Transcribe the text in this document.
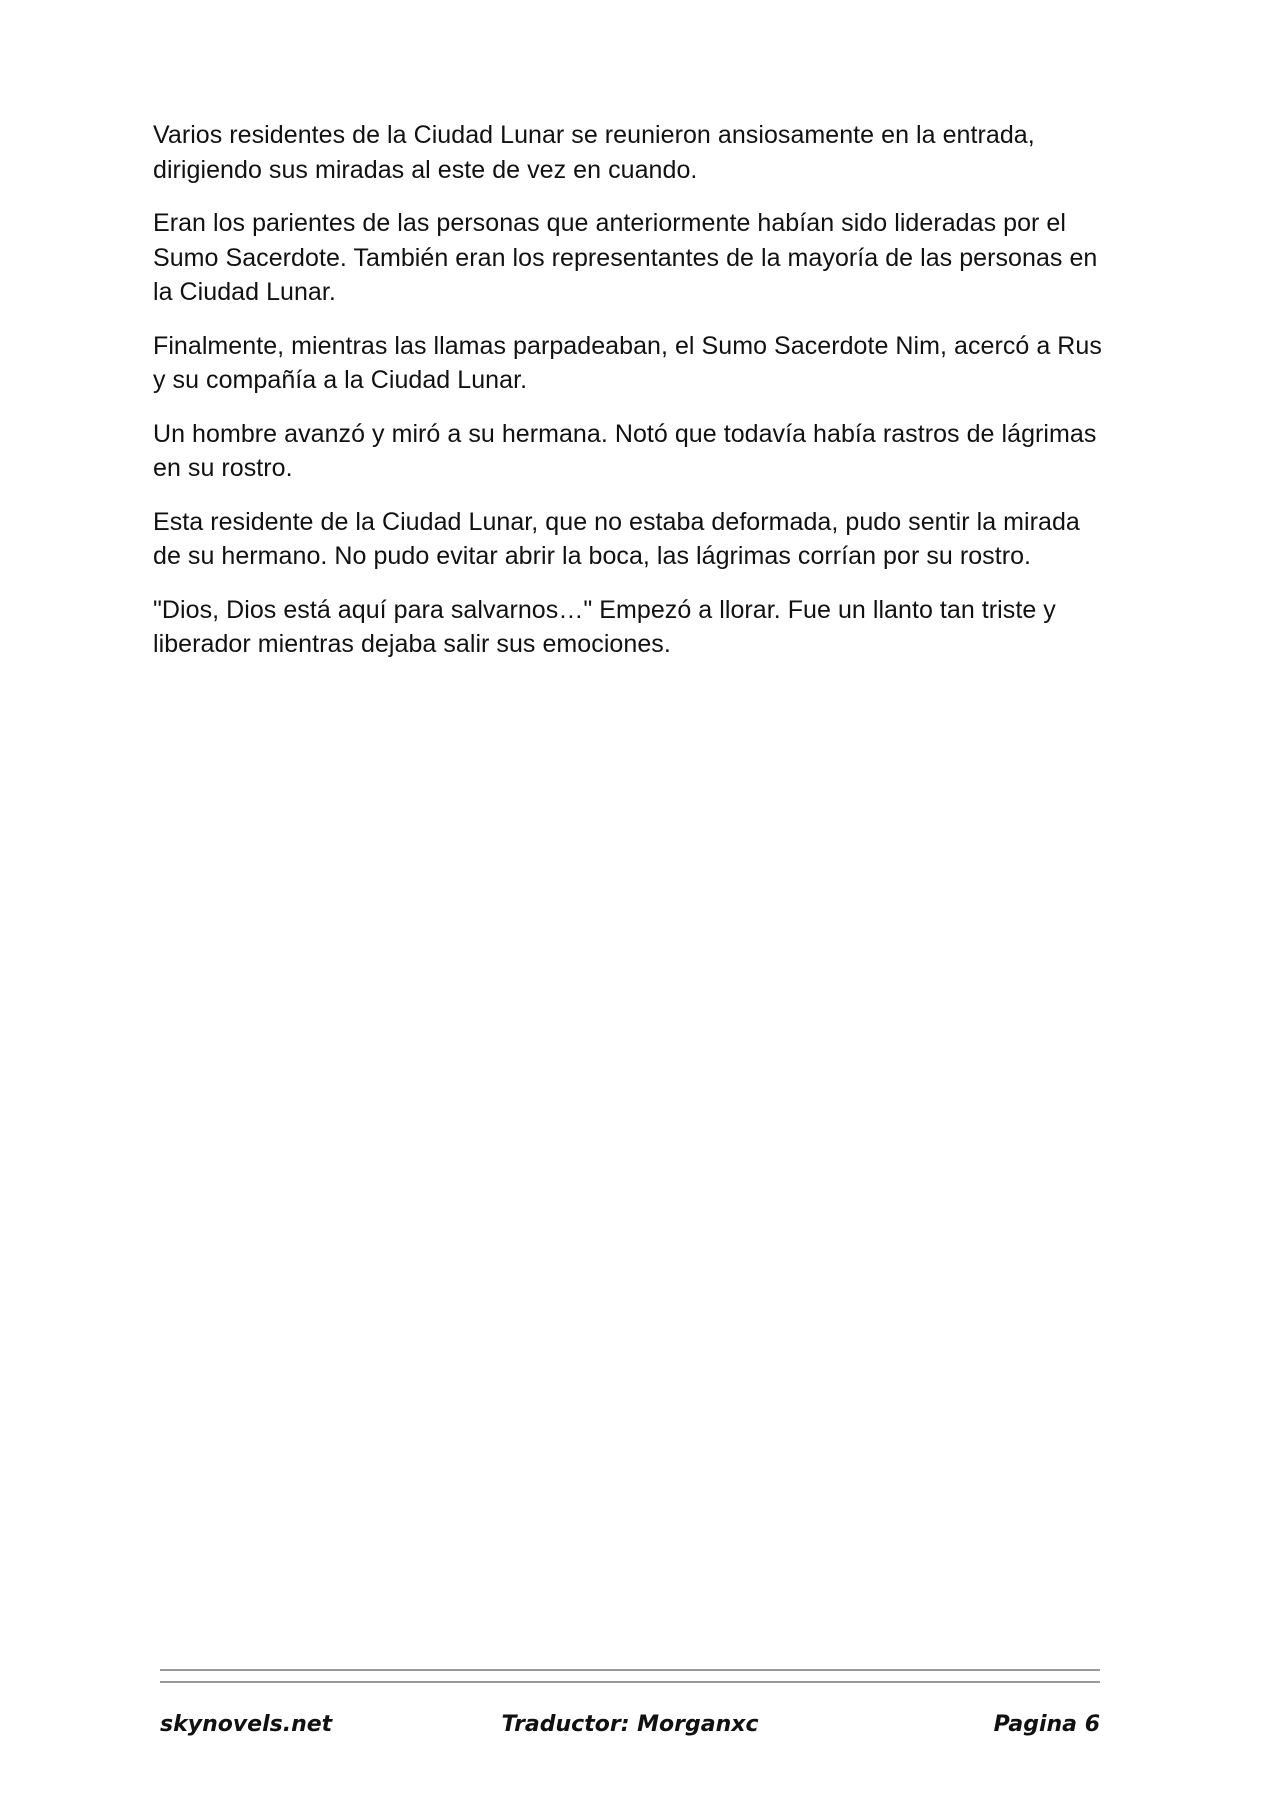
Varios residentes de la Ciudad Lunar se reunieron ansiosamente en la entrada, dirigiendo sus miradas al este de vez en cuando.

Eran los parientes de las personas que anteriormente habían sido lideradas por el Sumo Sacerdote. También eran los representantes de la mayoría de las personas en la Ciudad Lunar.

Finalmente, mientras las llamas parpadeaban, el Sumo Sacerdote Nim, acercó a Rus y su compañía a la Ciudad Lunar.

Un hombre avanzó y miró a su hermana. Notó que todavía había rastros de lágrimas en su rostro.

Esta residente de la Ciudad Lunar, que no estaba deformada, pudo sentir la mirada de su hermano. No pudo evitar abrir la boca, las lágrimas corrían por su rostro.

"Dios, Dios está aquí para salvarnos…" Empezó a llorar. Fue un llanto tan triste y liberador mientras dejaba salir sus emociones.

skynovels.net	Traductor: Morganxc	Pagina 6
